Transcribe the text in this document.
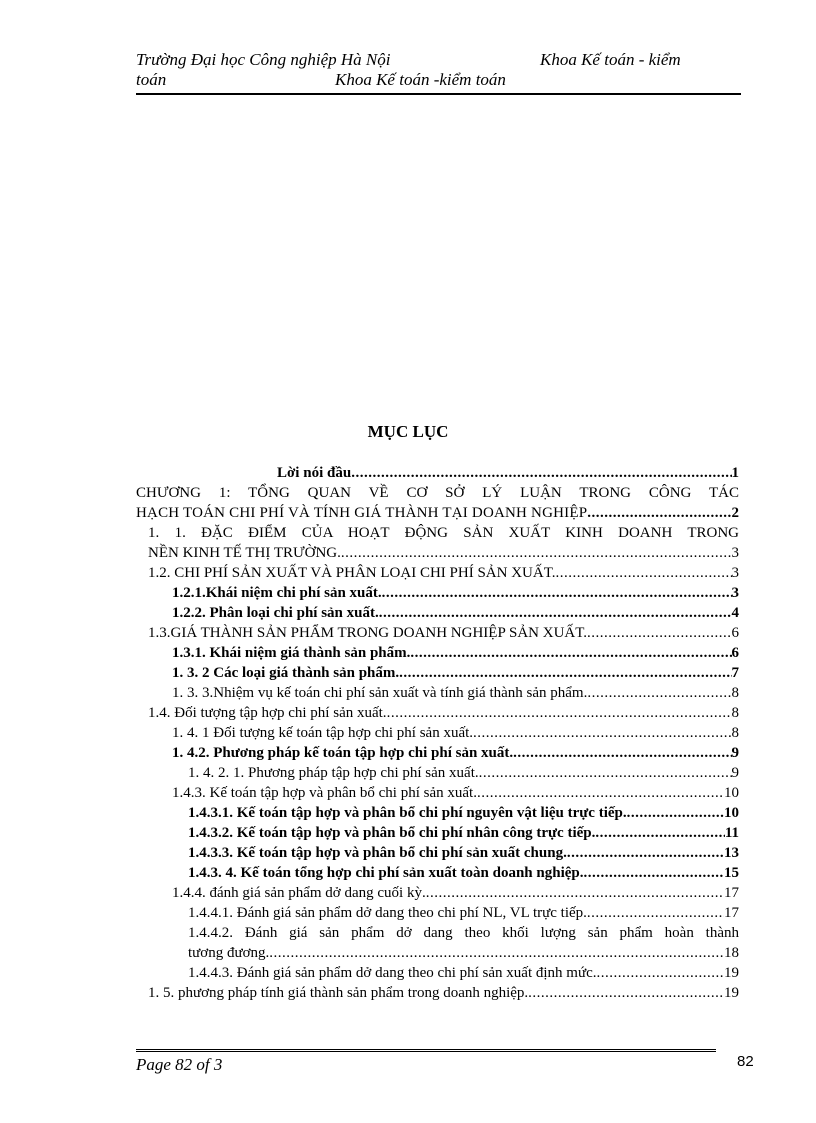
Trường Đại học Công nghiệp Hà Nội	Khoa Kế toán - kiểm
toán	Khoa Kế toán -kiểm toán
MỤC LỤC
Lời nói đầu .....	1
CHƯƠNG 1: TỔNG QUAN VỀ CƠ SỞ LÝ LUẬN TRONG CÔNG TÁC
HẠCH TOÁN CHI PHÍ VÀ TÍNH GIÁ THÀNH TẠI DOANH NGHIỆP .....	2
1. 1. ĐẶC ĐIỂM CỦA HOẠT ĐỘNG SẢN XUẤT KINH DOANH TRONG
NỀN KINH TẾ THỊ TRƯỜNG. .....	3
1.2. CHI PHÍ SẢN XUẤT VÀ PHÂN LOẠI CHI PHÍ SẢN XUẤT. .....	3
1.2.1.Khái niệm chi phí sản xuất. .....	3
1.2.2. Phân loại chi phí sản xuất. .....	4
1.3.GIÁ THÀNH SẢN PHẨM TRONG DOANH NGHIỆP SẢN XUẤT. .....	6
1.3.1. Khái niệm giá thành sản phẩm. .....	6
1. 3. 2 Các loại giá thành sản phẩm. .....	7
1. 3. 3.Nhiệm vụ kế toán chi phí sản xuất và tính giá thành sản phẩm. .....	8
1.4. Đối tượng tập hợp chi phí sản xuất. .....	8
1. 4. 1 Đối tượng kế toán tập hợp chi phí sản xuất. .....	8
1. 4.2. Phương pháp kế toán tập hợp chi phí sản xuất. .....	9
1. 4. 2. 1. Phương pháp tập hợp chi phí sản xuất. .....	9
1.4.3. Kế toán tập hợp và phân bổ chi phí sản xuất. .....	10
1.4.3.1. Kế toán tập hợp và phân bổ chi phí nguyên vật liệu trực tiếp. .....	10
1.4.3.2. Kế toán tập hợp và phân bổ chi phí nhân công trực tiếp. .....	11
1.4.3.3. Kế toán tập hợp và phân bổ chi phí sản xuất chung. .....	13
1.4.3. 4. Kế toán tổng hợp chi phí sản xuất toàn doanh nghiệp. .....	15
1.4.4. đánh giá sản phẩm dở dang cuối kỳ. .....	17
1.4.4.1. Đánh giá sản phẩm dở dang theo chi phí NL, VL trực tiếp. .....	17
1.4.4.2. Đánh giá sản phẩm dở dang theo khối lượng sản phẩm hoàn thành
tương đương. .....	18
1.4.4.3. Đánh giá sản phẩm dở dang theo chi phí sản xuất định mức. .....	19
1. 5. phương pháp tính giá thành sản phẩm trong doanh nghiệp. .....	19
Page 82 of 3	82
